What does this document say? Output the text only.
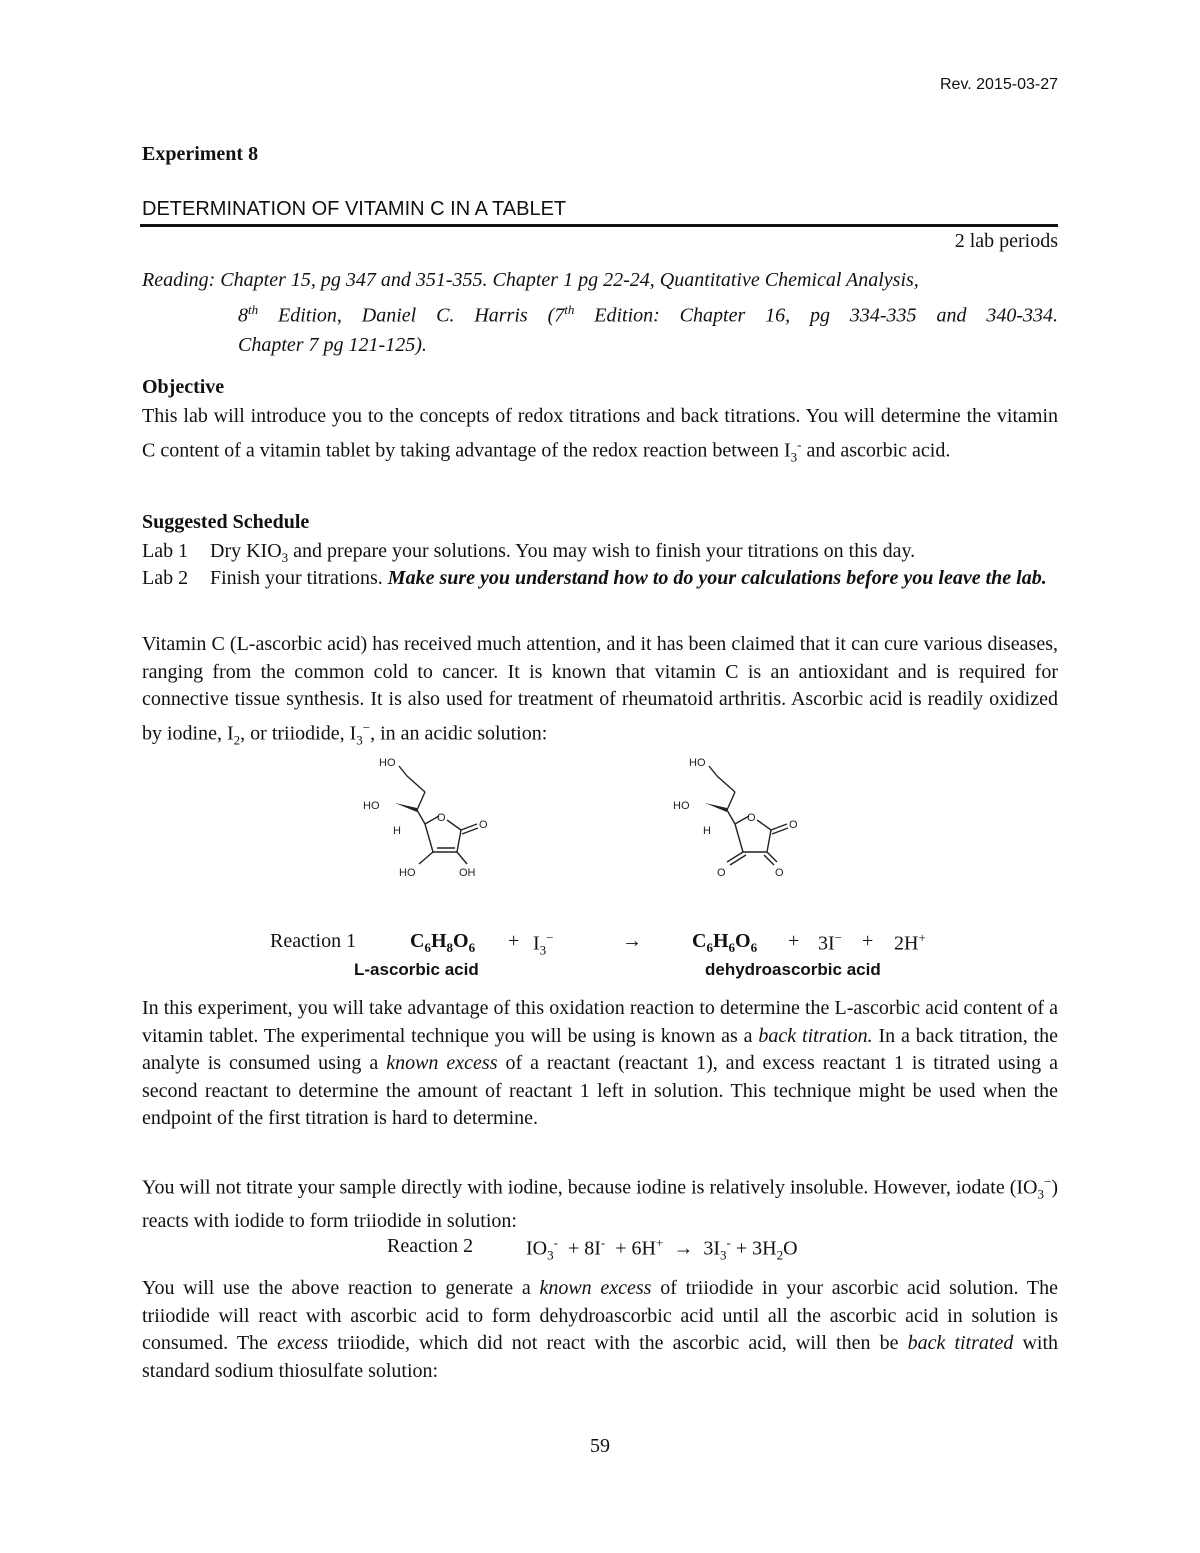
Rev. 2015-03-27
Experiment 8
DETERMINATION OF VITAMIN C IN A TABLET
2 lab periods
Reading: Chapter 15, pg 347 and 351-355. Chapter 1 pg 22-24, Quantitative Chemical Analysis,
8th Edition, Daniel C. Harris (7th Edition: Chapter 16, pg 334-335 and 340-334.
Chapter 7 pg 121-125).
Objective
This lab will introduce you to the concepts of redox titrations and back titrations. You will determine the vitamin C content of a vitamin tablet by taking advantage of the redox reaction between $I_3^-$ and ascorbic acid.
Suggested Schedule
Lab 1 Dry $KIO_3$ and prepare your solutions. You may wish to finish your titrations on this day.
Lab 2 Finish your titrations. Make sure you understand how to do your calculations before you leave the lab.
Vitamin C (L-ascorbic acid) has received much attention, and it has been claimed that it can cure various diseases, ranging from the common cold to cancer. It is known that vitamin C is an antioxidant and is required for connective tissue synthesis. It is also used for treatment of rheumatoid arthritis. Ascorbic acid is readily oxidized by iodine, $I_2$, or triiodide, $I_3^-$, in an acidic solution:
HO
HO
H
O
O
HO	OH
HO
HO
H
O
O
O	O
Reaction 1	$C_6H_8O_6 + I_3^-$	→	$C_6H_6O_6 + 3I^- + 2H^+$
L-ascorbic acid	dehydroascorbic acid
In this experiment, you will take advantage of this oxidation reaction to determine the L-ascorbic acid content of a vitamin tablet. The experimental technique you will be using is known as a back titration. In a back titration, the analyte is consumed using a known excess of a reactant (reactant 1), and excess reactant 1 is titrated using a second reactant to determine the amount of reactant 1 left in solution. This technique might be used when the endpoint of the first titration is hard to determine.
You will not titrate your sample directly with iodine, because iodine is relatively insoluble. However, iodate $(IO_3^-)$ reacts with iodide to form triiodide in solution:
Reaction 2	$IO_3^- + 8I^- + 6H^+ \to 3I_3^- + 3H_2O$
You will use the above reaction to generate a known excess of triiodide in your ascorbic acid solution. The triiodide will react with ascorbic acid to form dehydroascorbic acid until all the ascorbic acid in solution is consumed. The excess triiodide, which did not react with the ascorbic acid, will then be back titrated with standard sodium thiosulfate solution:
59
